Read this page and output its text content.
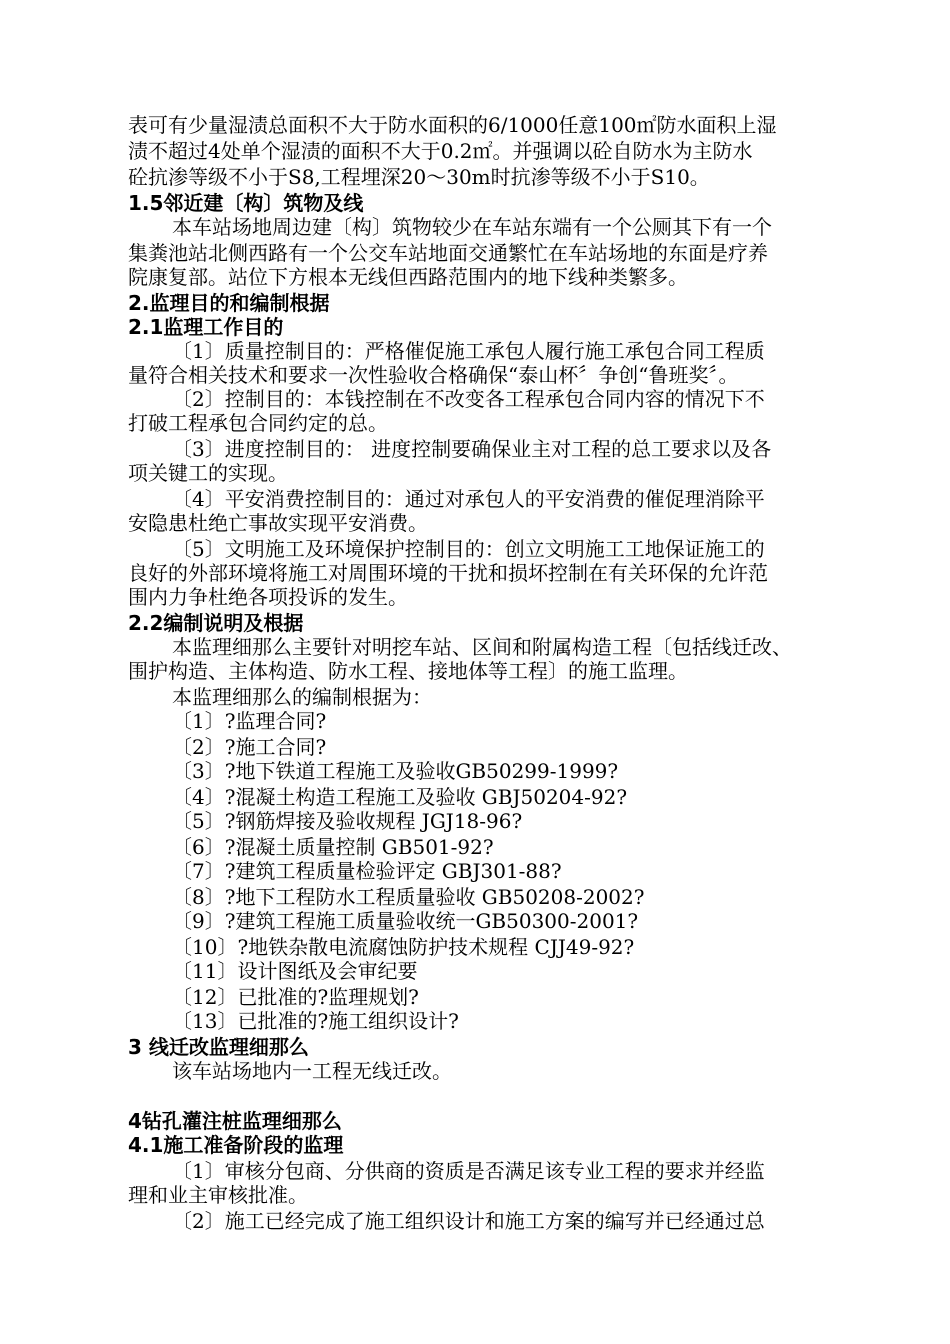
表可有少量湿渍总面积不大于防水面积的6/1000任意100㎡防水面积上湿
渍不超过4处单个湿渍的面积不大于0.2㎡。并强调以砼自防水为主防水
砼抗渗等级不小于S8,工程埋深20～30m时抗渗等级不小于S10。
1.5邻近建〔构〕筑物及线
本车站场地周边建〔构〕筑物较少在车站东端有一个公厕其下有一个
集粪池站北侧西路有一个公交车站地面交通繁忙在车站场地的东面是疗养
院康复部。站位下方根本无线但西路范围内的地下线种类繁多。
2.监理目的和编制根据
2.1监理工作目的
〔1〕质量控制目的：严格催促施工承包人履行施工承包合同工程质
量符合相关技术和要求一次性验收合格确保“泰山杯〞争创“鲁班奖〞。
〔2〕控制目的：本钱控制在不改变各工程承包合同内容的情况下不
打破工程承包合同约定的总。
〔3〕进度控制目的： 进度控制要确保业主对工程的总工要求以及各
项关键工的实现。
〔4〕平安消费控制目的：通过对承包人的平安消费的催促理消除平
安隐患杜绝亡事故实现平安消费。
〔5〕文明施工及环境保护控制目的：创立文明施工工地保证施工的
良好的外部环境将施工对周围环境的干扰和损坏控制在有关环保的允许范
围内力争杜绝各项投诉的发生。
2.2编制说明及根据
本监理细那么主要针对明挖车站、区间和附属构造工程〔包括线迁改、
围护构造、主体构造、防水工程、接地体等工程〕的施工监理。
本监理细那么的编制根据为：
〔1〕?监理合同?
〔2〕?施工合同?
〔3〕?地下铁道工程施工及验收GB50299-1999?
〔4〕?混凝土构造工程施工及验收 GBJ50204-92?
〔5〕?钢筋焊接及验收规程 JGJ18-96?
〔6〕?混凝土质量控制 GB501-92?
〔7〕?建筑工程质量检验评定 GBJ301-88?
〔8〕?地下工程防水工程质量验收 GB50208-2002?
〔9〕?建筑工程施工质量验收统一GB50300-2001?
〔10〕?地铁杂散电流腐蚀防护技术规程 CJJ49-92?
〔11〕设计图纸及会审纪要
〔12〕已批准的?监理规划?
〔13〕已批准的?施工组织设计?
3 线迁改监理细那么
该车站场地内一工程无线迁改。
4钻孔灌注桩监理细那么
4.1施工准备阶段的监理
〔1〕审核分包商、分供商的资质是否满足该专业工程的要求并经监
理和业主审核批准。
〔2〕施工已经完成了施工组织设计和施工方案的编写并已经通过总
